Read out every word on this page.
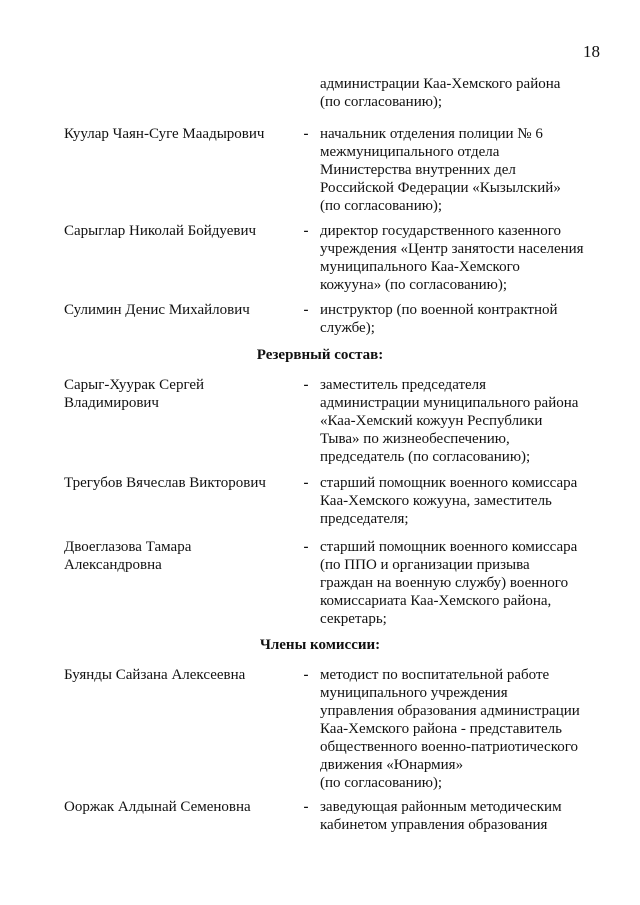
18
администрации Каа-Хемского района
(по согласованию);
Куулар Чаян-Суге Маадырович	- начальник отделения полиции № 6
межмуниципального отдела
Министерства внутренних дел
Российской Федерации «Кызылский»
(по согласованию);
Сарыглар Николай Бойдуевич	- директор государственного казенного
учреждения «Центр занятости населения
муниципального Каа-Хемского
кожууна» (по согласованию);
Сулимин Денис Михайлович	- инструктор (по военной контрактной
службе);
Резервный состав:
Сарыг-Хуурак Сергей
Владимирович
- заместитель председателя
администрации муниципального района
«Каа-Хемский кожуун Республики
Тыва» по жизнеобеспечению,
председатель (по согласованию);
Трегубов Вячеслав Викторович	- старший помощник военного комиссара
Каа-Хемского кожууна, заместитель
председателя;
Двоеглазова Тамара
Александровна
- старший помощник военного комиссара
(по ППО и организации призыва
граждан на военную службу) военного
комиссариата Каа-Хемского района,
секретарь;
Члены комиссии:
Буянды Сайзана Алексеевна	- методист по воспитательной работе
муниципального учреждения
управления образования администрации
Каа-Хемского района - представитель
общественного военно-патриотического
движения «Юнармия»
(по согласованию);
Ооржак Алдынай Семеновна	- заведующая районным методическим
кабинетом управления образования
